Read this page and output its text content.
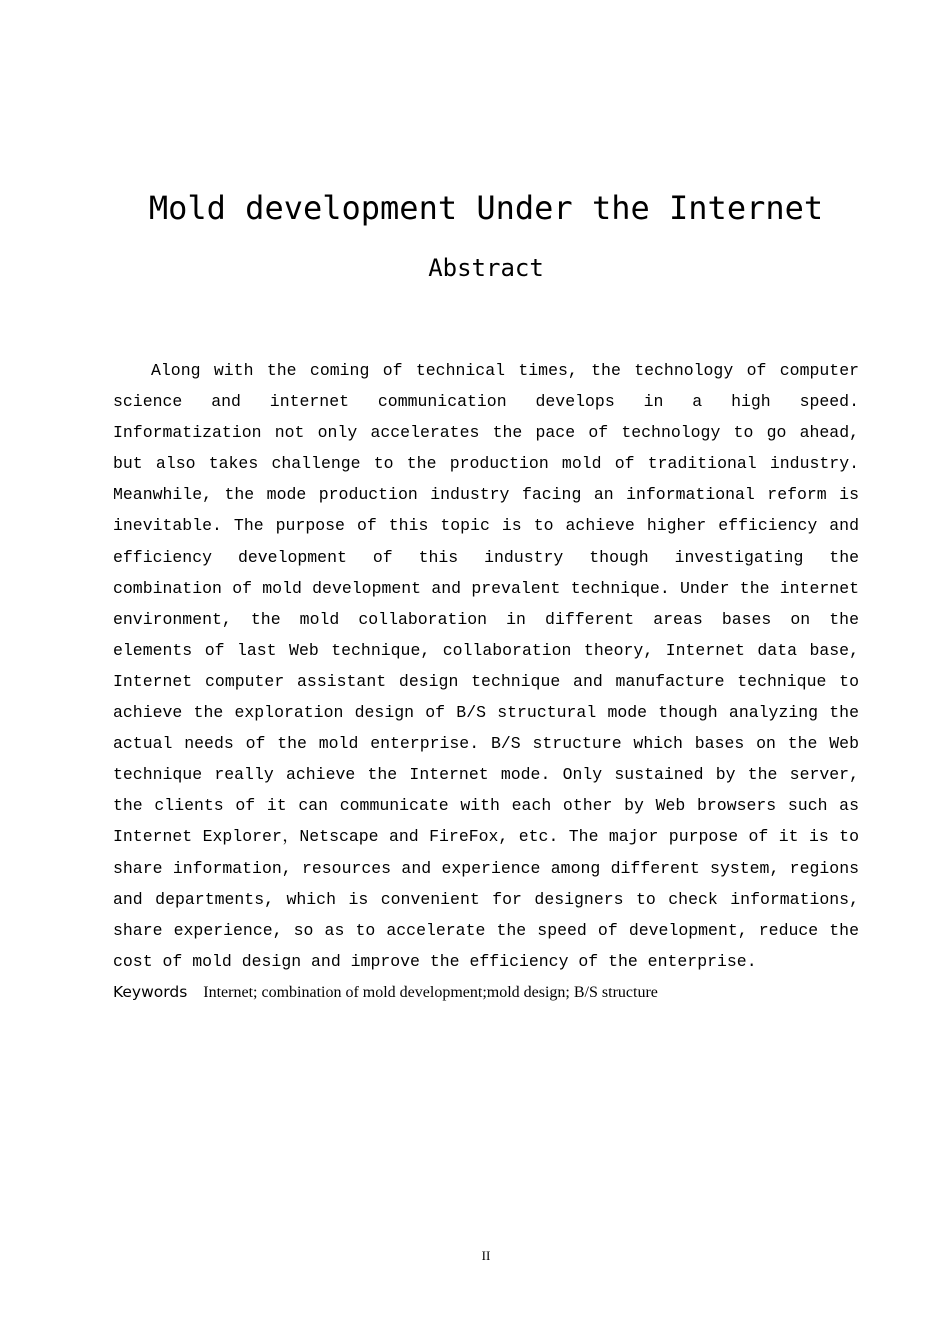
Mold development Under the Internet
Abstract

Along with the coming of technical times, the technology of computer science and internet communication develops in a high speed. Informatization not only accelerates the pace of technology to go ahead, but also takes challenge to the production mold of traditional industry. Meanwhile, the mode production industry facing an informational reform is inevitable. The purpose of this topic is to achieve higher efficiency and efficiency development of this industry though investigating the combination of mold development and prevalent technique. Under the internet environment, the mold collaboration in different areas bases on the elements of last Web technique, collaboration theory, Internet data base, Internet computer assistant design technique and manufacture technique to achieve the exploration design of B/S structural mode though analyzing the actual needs of the mold enterprise. B/S structure which bases on the Web technique really achieve the Internet mode. Only sustained by the server, the clients of it can communicate with each other by Web browsers such as Internet Explorer，Netscape and FireFox, etc. The major purpose of it is to share information, resources and experience among different system, regions and departments, which is convenient for designers to check informations, share experience, so as to accelerate the speed of development, reduce the cost of mold design and improve the efficiency of the enterprise.

Keywords Internet; combination of mold development;mold design; B/S structure
II
